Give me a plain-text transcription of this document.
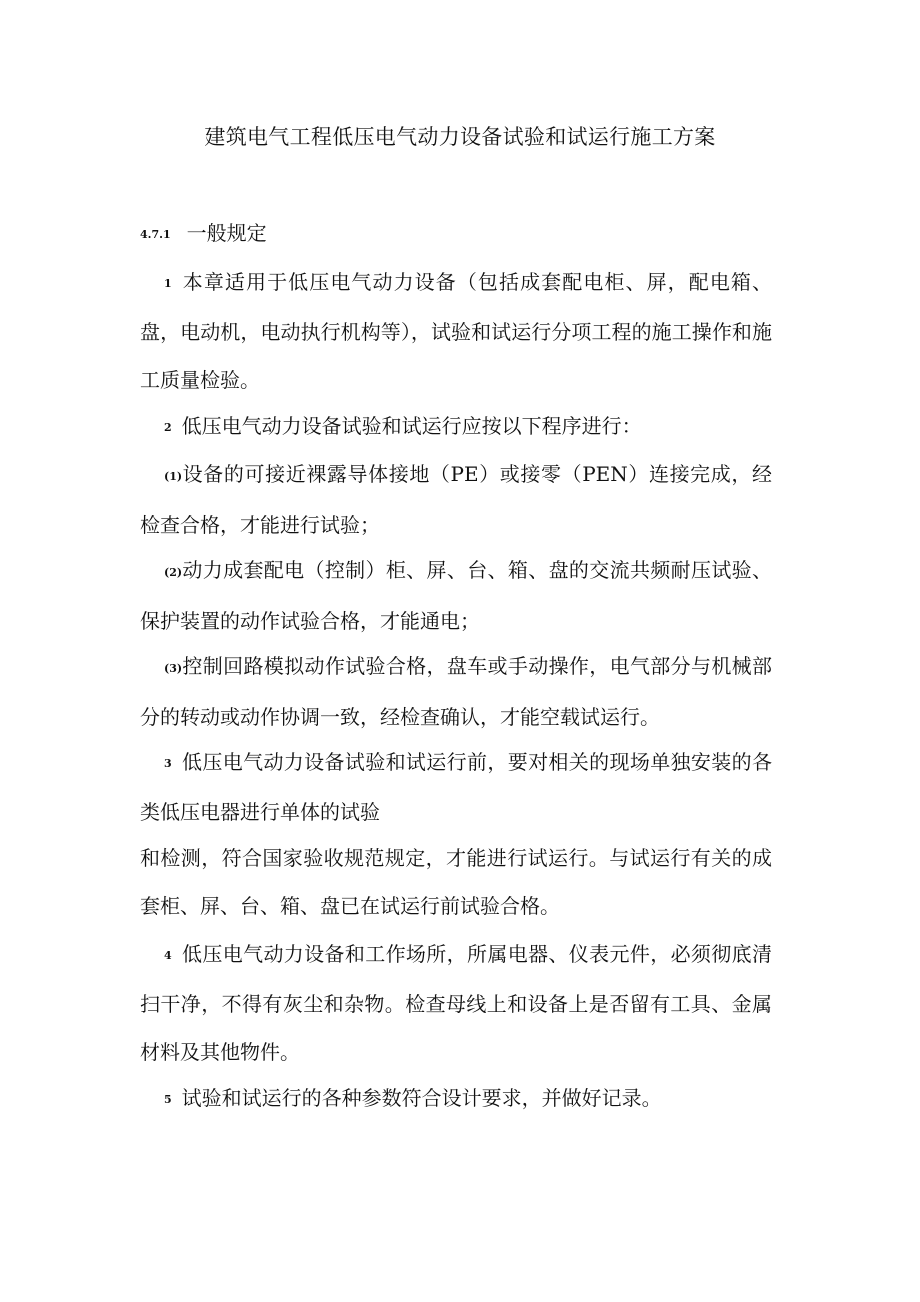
建筑电气工程低压电气动力设备试验和试运行施工方案
4.7.1 一般规定
1 本章适用于低压电气动力设备（包括成套配电柜、屏，配电箱、盘，电动机，电动执行机构等），试验和试运行分项工程的施工操作和施工质量检验。
2 低压电气动力设备试验和试运行应按以下程序进行：
(1)设备的可接近裸露导体接地（PE）或接零（PEN）连接完成，经检查合格，才能进行试验；
(2)动力成套配电（控制）柜、屏、台、箱、盘的交流共频耐压试验、保护装置的动作试验合格，才能通电；
(3)控制回路模拟动作试验合格，盘车或手动操作，电气部分与机械部分的转动或动作协调一致，经检查确认，才能空载试运行。
3 低压电气动力设备试验和试运行前，要对相关的现场单独安装的各类低压电器进行单体的试验
和检测，符合国家验收规范规定，才能进行试运行。与试运行有关的成套柜、屏、台、箱、盘已在试运行前试验合格。
4 低压电气动力设备和工作场所，所属电器、仪表元件，必须彻底清扫干净，不得有灰尘和杂物。检查母线上和设备上是否留有工具、金属材料及其他物件。
5 试验和试运行的各种参数符合设计要求，并做好记录。
